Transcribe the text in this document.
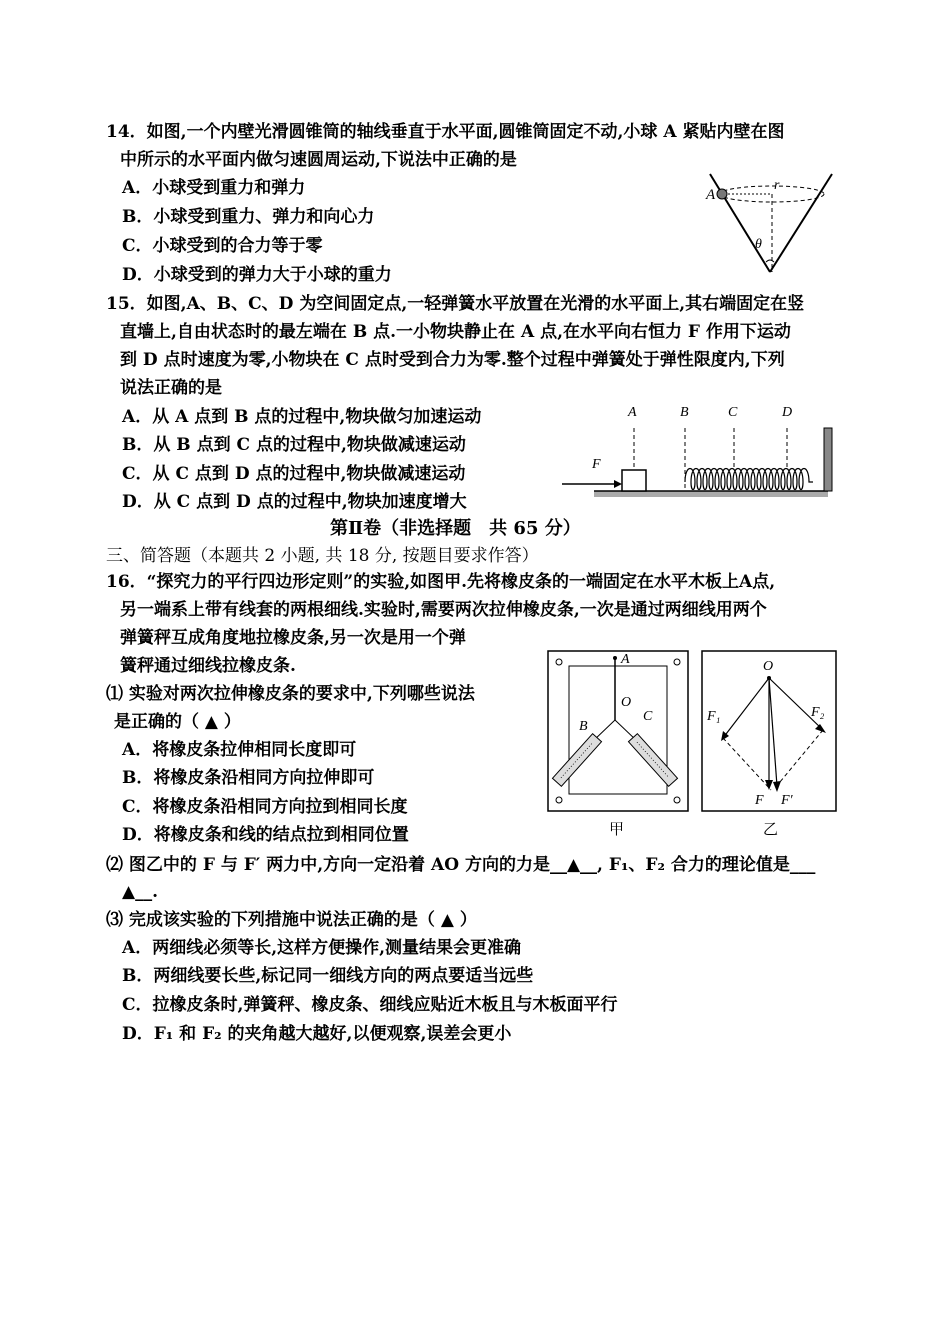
14．如图,一个内壁光滑圆锥筒的轴线垂直于水平面,圆锥筒固定不动,小球 A 紧贴内壁在图
中所示的水平面内做匀速圆周运动,下说法中正确的是
A．小球受到重力和弹力
B．小球受到重力、弹力和向心力
C．小球受到的合力等于零
D．小球受到的弹力大于小球的重力
A
r
θ
15．如图,A、B、C、D 为空间固定点,一轻弹簧水平放置在光滑的水平面上,其右端固定在竖
直墙上,自由状态时的最左端在 B 点.一小物块静止在 A 点,在水平向右恒力 F 作用下运动
到 D 点时速度为零,小物块在 C 点时受到合力为零.整个过程中弹簧处于弹性限度内,下列
说法正确的是
A．从 A 点到 B 点的过程中,物块做匀加速运动
B．从 B 点到 C 点的过程中,物块做减速运动
C．从 C 点到 D 点的过程中,物块做减速运动
D．从 C 点到 D 点的过程中,物块加速度增大
A	B	C	D
F
第Ⅱ卷（非选择题　共 65 分）
三、简答题（本题共 2 小题, 共 18 分, 按题目要求作答）
16．“探究力的平行四边形定则”的实验,如图甲.先将橡皮条的一端固定在水平木板上A点,
另一端系上带有线套的两根细线.实验时,需要两次拉伸橡皮条,一次是通过两细线用两个
弹簧秤互成角度地拉橡皮条,另一次是用一个弹
簧秤通过细线拉橡皮条.
⑴ 实验对两次拉伸橡皮条的要求中,下列哪些说法
是正确的（ ▲ ）
A．将橡皮条拉伸相同长度即可
B．将橡皮条沿相同方向拉伸即可
C．将橡皮条沿相同方向拉到相同长度
D．将橡皮条和线的结点拉到相同位置
⑵ 图乙中的 F 与 F′ 两力中,方向一定沿着 AO 方向的力是__▲__, F₁、F₂ 合力的理论值是___
▲__.
⑶ 完成该实验的下列措施中说法正确的是（ ▲ ）
A．两细线必须等长,这样方便操作,测量结果会更准确
B．两细线要长些,标记同一细线方向的两点要适当远些
C．拉橡皮条时,弹簧秤、橡皮条、细线应贴近木板且与木板面平行
D．F₁ 和 F₂ 的夹角越大越好,以便观察,误差会更小
A
O
B
C
甲
O
F₁	F₂
F F′
乙
